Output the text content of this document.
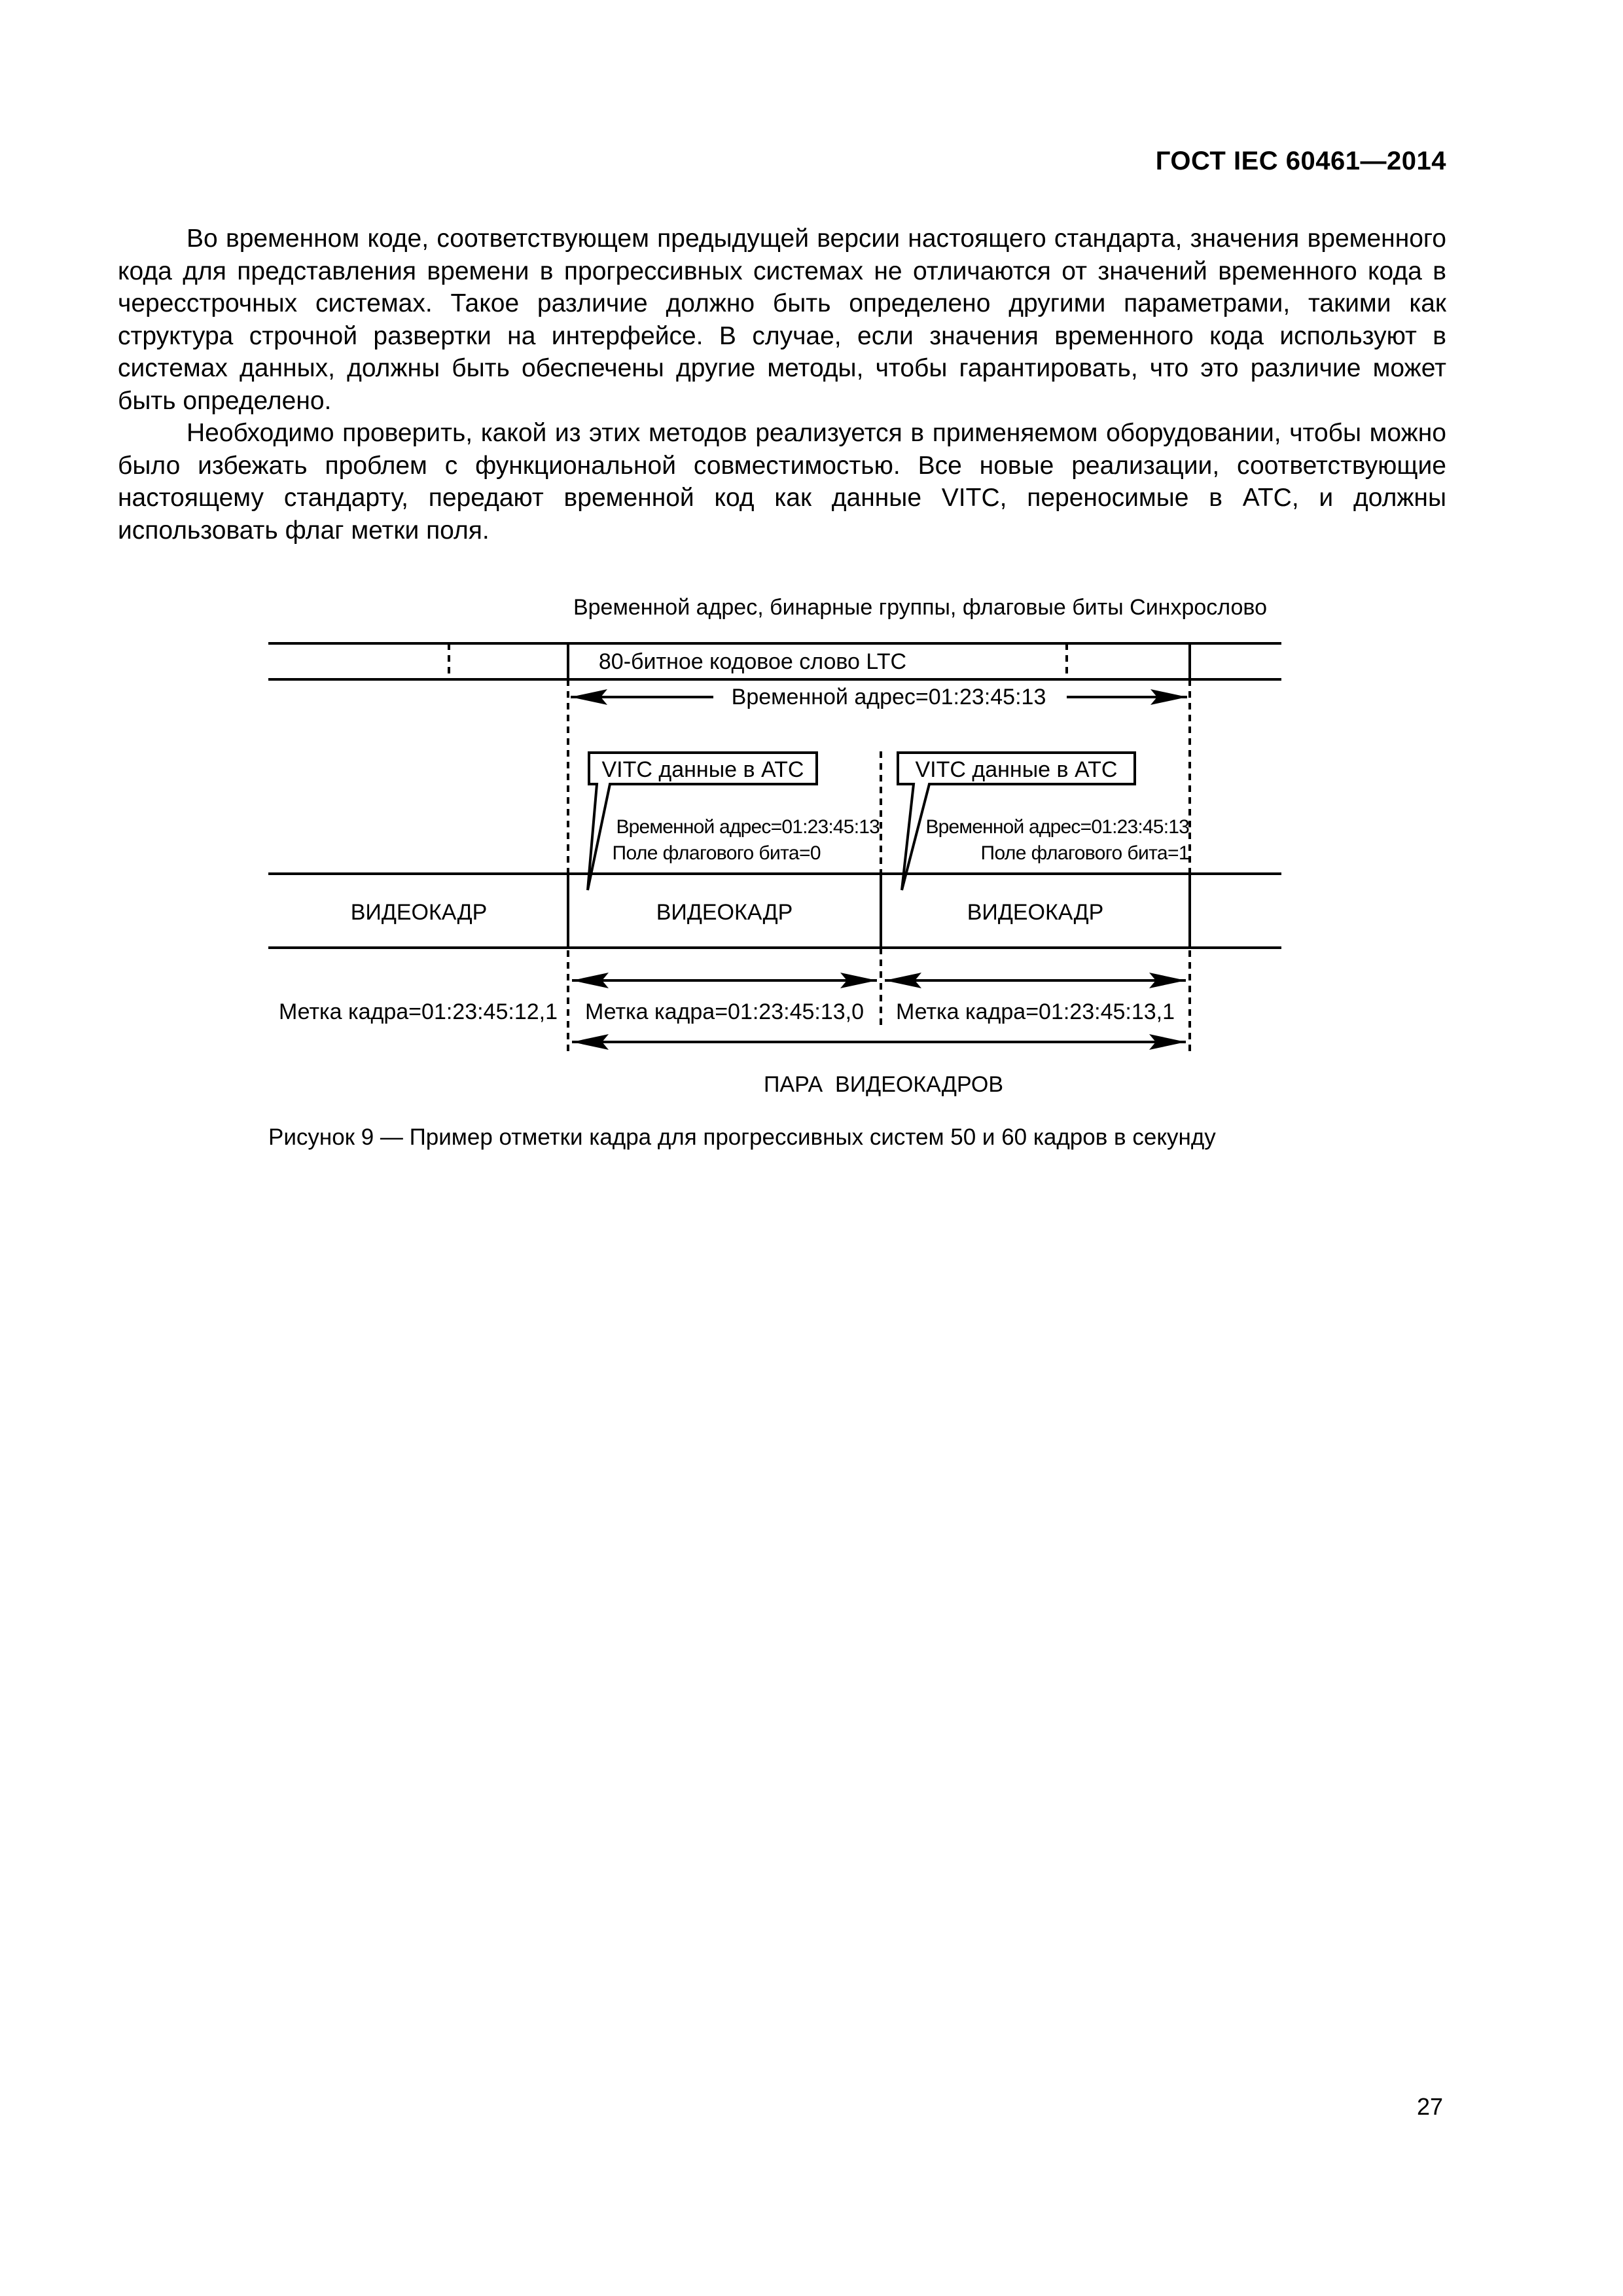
ГОСТ IEC 60461—2014

Во временном коде, соответствующем предыдущей версии настоящего стандарта, значения временного кода для представления времени в прогрессивных системах не отличаются от значений временного кода в чересстрочных системах. Такое различие должно быть определено другими параметрами, такими как структура строчной развертки на интерфейсе. В случае, если значения временного кода используют в системах данных, должны быть обеспечены другие методы, чтобы гарантировать, что это различие может быть определено.

Необходимо проверить, какой из этих методов реализуется в применяемом оборудовании, чтобы можно было избежать проблем с функциональной совместимостью. Все новые реализации, соответствующие настоящему стандарту, передают временной код как данные VITC, переносимые в ATC, и должны использовать флаг метки поля.

Временной адрес, бинарные группы, флаговые биты Синхрослово
80-битное кодовое слово LTC
Временной адрес=01:23:45:13
VITC данные в ATC
Временной адрес=01:23:45:13
Поле флагового бита=0
VITC данные в ATC
Временной адрес=01:23:45:13
Поле флагового бита=1
ВИДЕОКАДР	ВИДЕОКАДР	ВИДЕОКАДР
Метка кадра=01:23:45:12,1 Метка кадра=01:23:45:13,0 Метка кадра=01:23:45:13,1
ПАРА  ВИДЕОКАДРОВ
Рисунок 9 — Пример отметки кадра для прогрессивных систем 50 и 60 кадров в секунду
27
